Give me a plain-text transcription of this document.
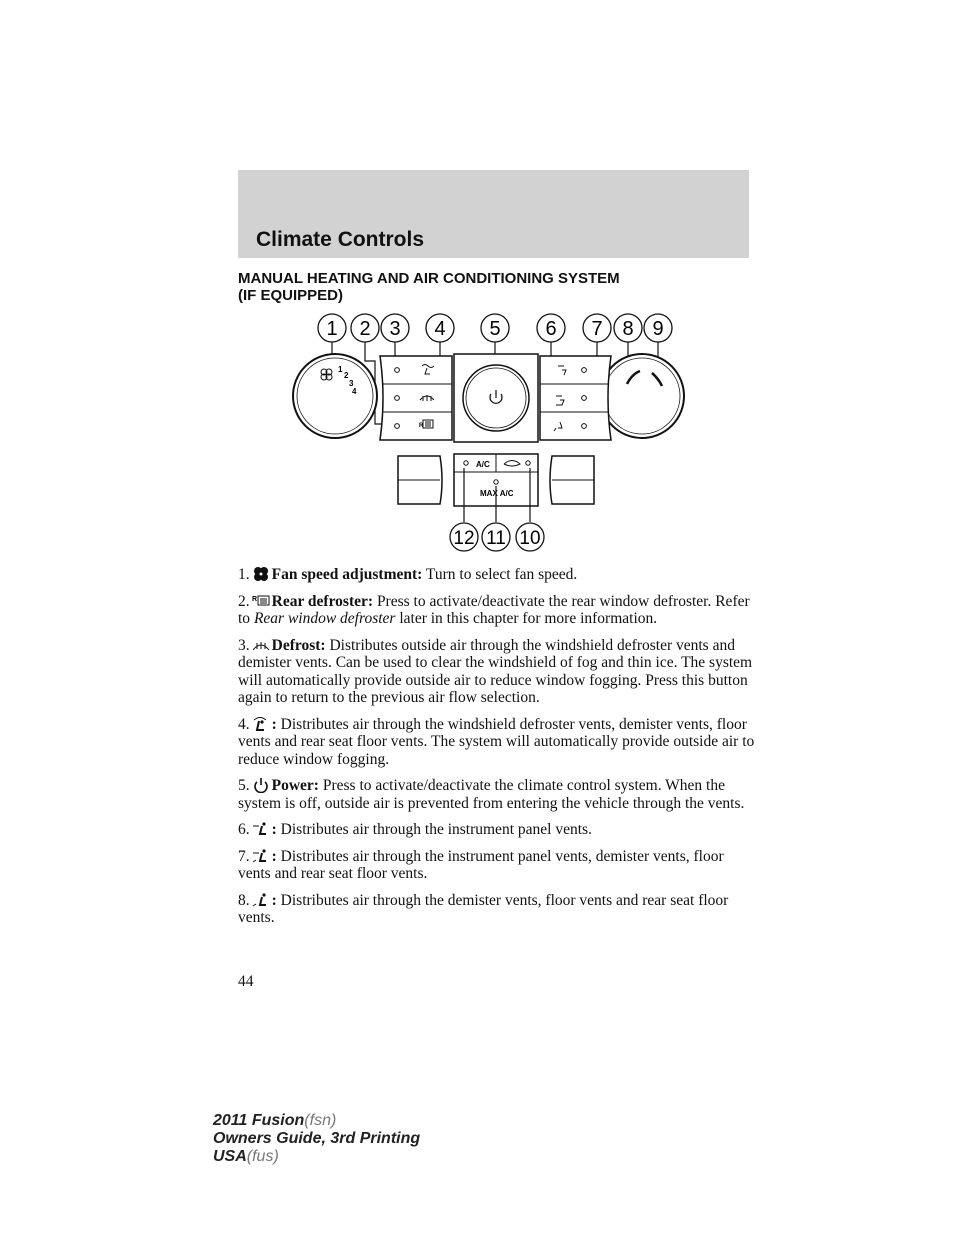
Climate Controls
MANUAL HEATING AND AIR CONDITIONING SYSTEM
(IF EQUIPPED)
1 2 3 4 5 6 7 8 9
1
2
3
4
R
A/C
MAX A/C
12 11 10
1. Fan speed adjustment: Turn to select fan speed.
2. R Rear defroster: Press to activate/deactivate the rear window defroster. Refer to Rear window defroster later in this chapter for more information.
3. Defrost: Distributes outside air through the windshield defroster vents and demister vents. Can be used to clear the windshield of fog and thin ice. The system will automatically provide outside air to reduce window fogging. Press this button again to return to the previous air flow selection.
4. : Distributes air through the windshield defroster vents, demister vents, floor vents and rear seat floor vents. The system will automatically provide outside air to reduce window fogging.
5. Power: Press to activate/deactivate the climate control system. When the system is off, outside air is prevented from entering the vehicle through the vents.
6. : Distributes air through the instrument panel vents.
7. : Distributes air through the instrument panel vents, demister vents, floor vents and rear seat floor vents.
8. : Distributes air through the demister vents, floor vents and rear seat floor vents.
44
2011 Fusion(fsn)
Owners Guide, 3rd Printing
USA(fus)
